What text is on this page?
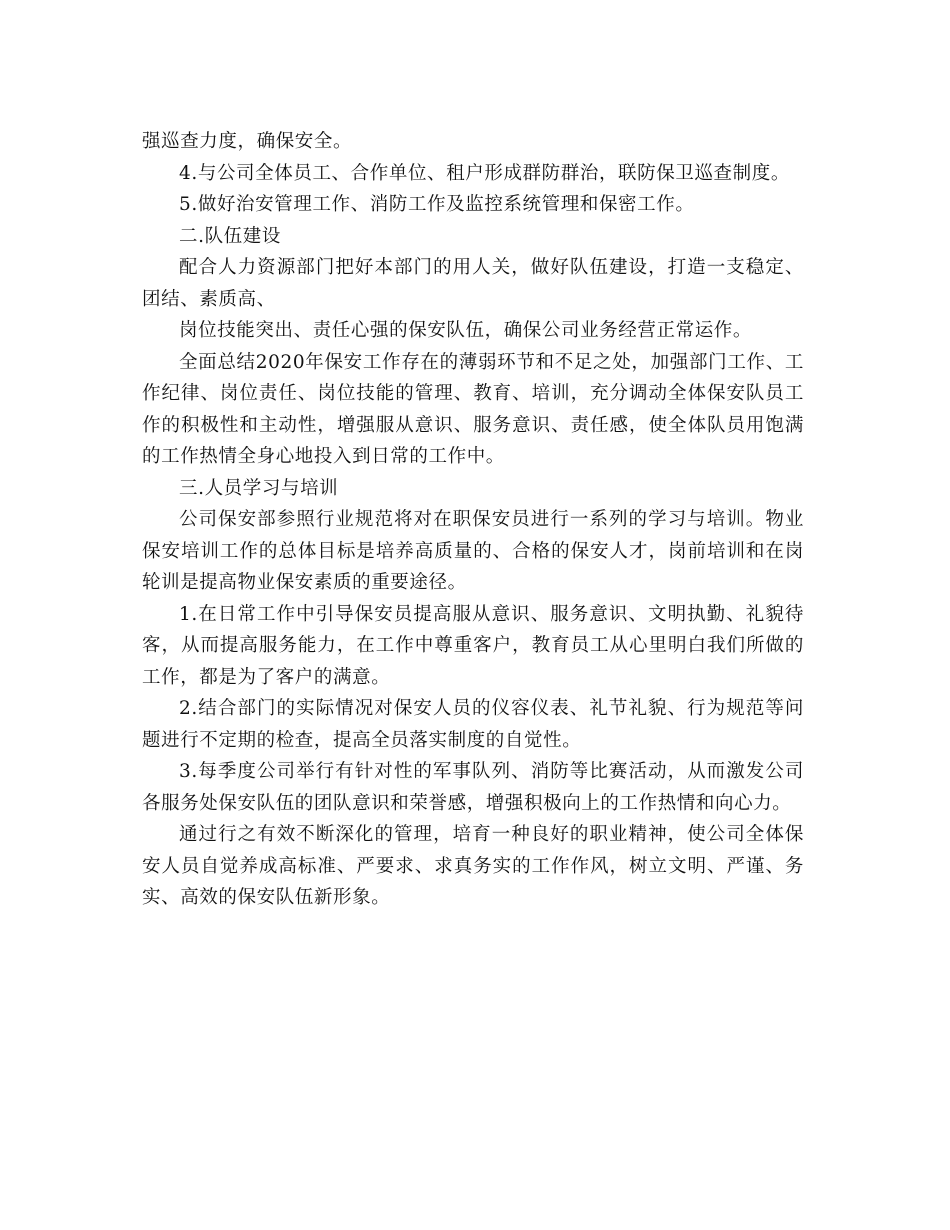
强巡查力度，确保安全。

4.与公司全体员工、合作单位、租户形成群防群治，联防保卫巡查制度。

5.做好治安管理工作、消防工作及监控系统管理和保密工作。

二.队伍建设

配合人力资源部门把好本部门的用人关，做好队伍建设，打造一支稳定、团结、素质高、

岗位技能突出、责任心强的保安队伍，确保公司业务经营正常运作。

全面总结2020年保安工作存在的薄弱环节和不足之处，加强部门工作、工作纪律、岗位责任、岗位技能的管理、教育、培训，充分调动全体保安队员工作的积极性和主动性，增强服从意识、服务意识、责任感，使全体队员用饱满的工作热情全身心地投入到日常的工作中。

三.人员学习与培训

公司保安部参照行业规范将对在职保安员进行一系列的学习与培训。物业保安培训工作的总体目标是培养高质量的、合格的保安人才，岗前培训和在岗轮训是提高物业保安素质的重要途径。

1.在日常工作中引导保安员提高服从意识、服务意识、文明执勤、礼貌待客，从而提高服务能力，在工作中尊重客户，教育员工从心里明白我们所做的工作，都是为了客户的满意。

2.结合部门的实际情况对保安人员的仪容仪表、礼节礼貌、行为规范等问题进行不定期的检查，提高全员落实制度的自觉性。

3.每季度公司举行有针对性的军事队列、消防等比赛活动，从而激发公司各服务处保安队伍的团队意识和荣誉感，增强积极向上的工作热情和向心力。

通过行之有效不断深化的管理，培育一种良好的职业精神，使公司全体保安人员自觉养成高标准、严要求、求真务实的工作作风，树立文明、严谨、务实、高效的保安队伍新形象。
